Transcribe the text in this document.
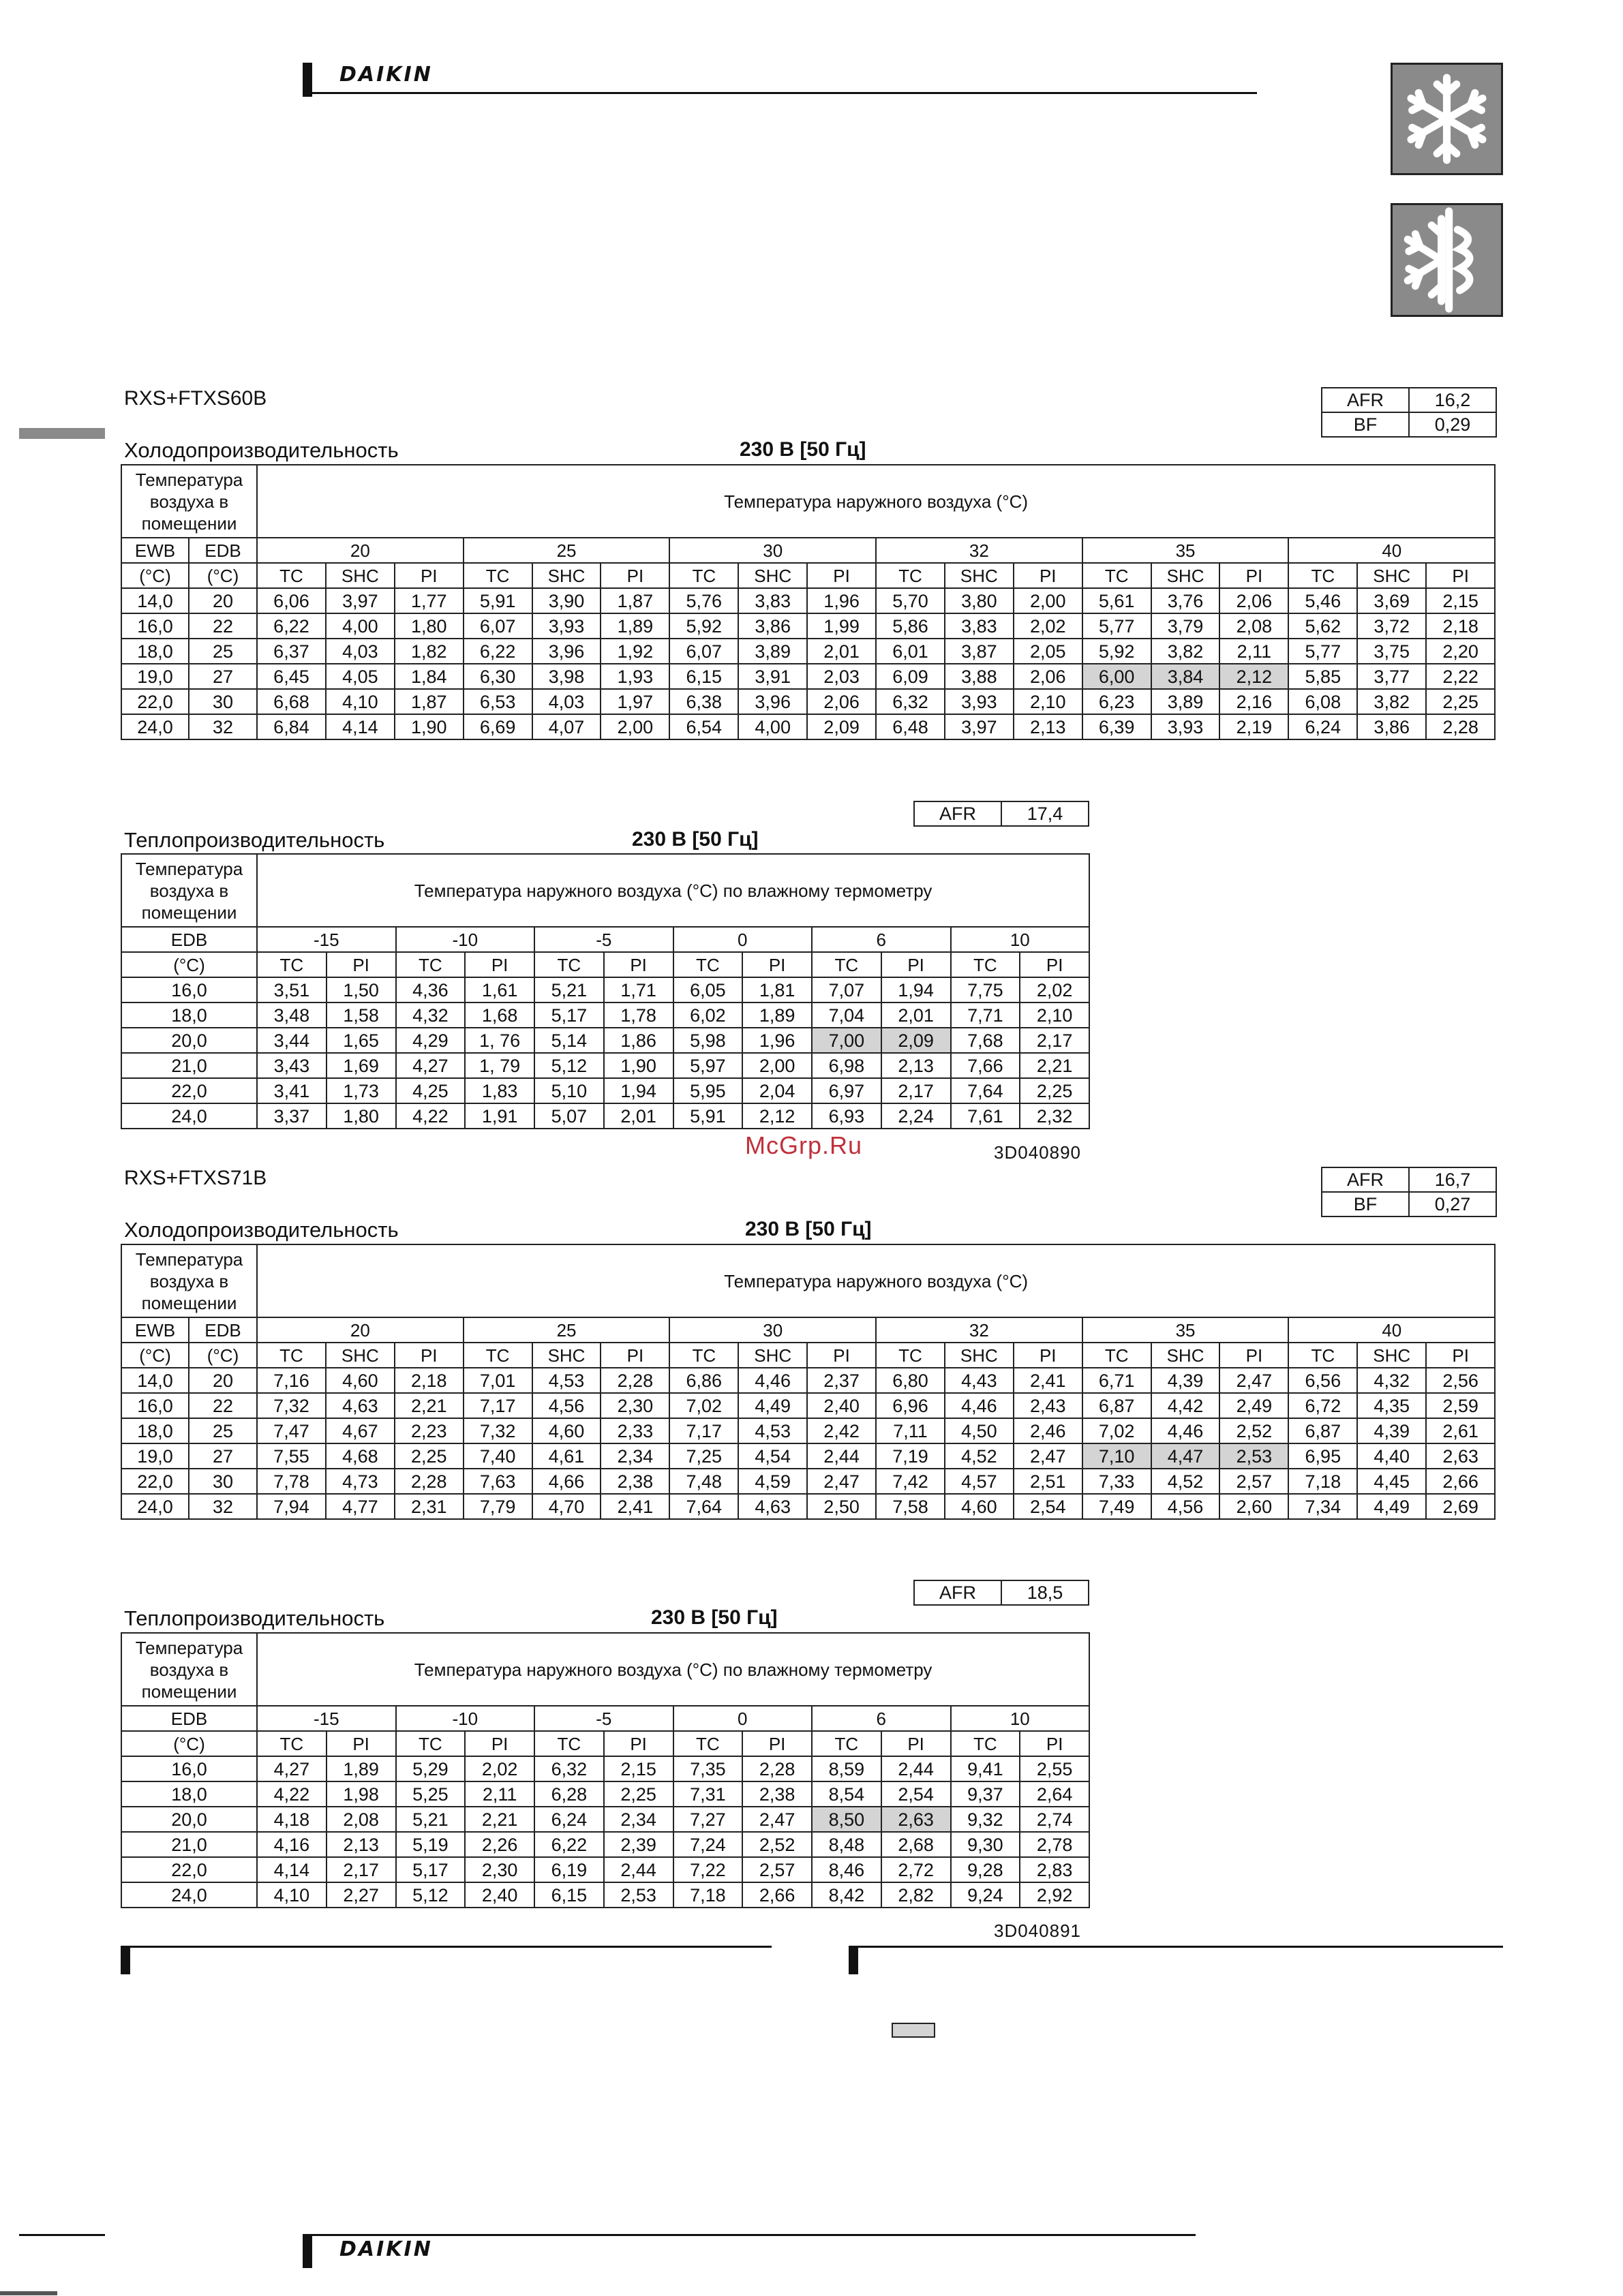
DAIKIN
RXS+FTXS60B	AFR	16,2
BF	0,29
Холодопроизводительность	230 В [50 Гц]
Температура воздуха в помещении		Температура наружного воздуха (°C)																	
EWB	EDB	20			25			30			32			35			40		
(°C)	(°C)	TC	SHC	PI	TC	SHC	PI	TC	SHC	PI	TC	SHC	PI	TC	SHC	PI	TC	SHC	PI
14,0	20	6,06	3,97	1,77	5,91	3,90	1,87	5,76	3,83	1,96	5,70	3,80	2,00	5,61	3,76	2,06	5,46	3,69	2,15
16,0	22	6,22	4,00	1,80	6,07	3,93	1,89	5,92	3,86	1,99	5,86	3,83	2,02	5,77	3,79	2,08	5,62	3,72	2,18
18,0	25	6,37	4,03	1,82	6,22	3,96	1,92	6,07	3,89	2,01	6,01	3,87	2,05	5,92	3,82	2,11	5,77	3,75	2,20
19,0	27	6,45	4,05	1,84	6,30	3,98	1,93	6,15	3,91	2,03	6,09	3,88	2,06	6,00	3,84	2,12	5,85	3,77	2,22
22,0	30	6,68	4,10	1,87	6,53	4,03	1,97	6,38	3,96	2,06	6,32	3,93	2,10	6,23	3,89	2,16	6,08	3,82	2,25
24,0	32	6,84	4,14	1,90	6,69	4,07	2,00	6,54	4,00	2,09	6,48	3,97	2,13	6,39	3,93	2,19	6,24	3,86	2,28
AFR	17,4
Теплопроизводительность	230 В [50 Гц]
Температура воздуха в помещении	Температура наружного воздуха (°C) по влажному термометру											
EDB	-15		-10		-5		0		6		10	
(°C)	TC	PI	TC	PI	TC	PI	TC	PI	TC	PI	TC	PI
16,0	3,51	1,50	4,36	1,61	5,21	1,71	6,05	1,81	7,07	1,94	7,75	2,02
18,0	3,48	1,58	4,32	1,68	5,17	1,78	6,02	1,89	7,04	2,01	7,71	2,10
20,0	3,44	1,65	4,29	1, 76	5,14	1,86	5,98	1,96	7,00	2,09	7,68	2,17
21,0	3,43	1,69	4,27	1, 79	5,12	1,90	5,97	2,00	6,98	2,13	7,66	2,21
22,0	3,41	1,73	4,25	1,83	5,10	1,94	5,95	2,04	6,97	2,17	7,64	2,25
24,0	3,37	1,80	4,22	1,91	5,07	2,01	5,91	2,12	6,93	2,24	7,61	2,32
3D040890
McGrp.Ru
RXS+FTXS71B	AFR	16,7
BF	0,27
Холодопроизводительность	230 В [50 Гц]
Температура воздуха в помещении		Температура наружного воздуха (°C)																	
EWB	EDB	20			25			30			32			35			40		
(°C)	(°C)	TC	SHC	PI	TC	SHC	PI	TC	SHC	PI	TC	SHC	PI	TC	SHC	PI	TC	SHC	PI
14,0	20	7,16	4,60	2,18	7,01	4,53	2,28	6,86	4,46	2,37	6,80	4,43	2,41	6,71	4,39	2,47	6,56	4,32	2,56
16,0	22	7,32	4,63	2,21	7,17	4,56	2,30	7,02	4,49	2,40	6,96	4,46	2,43	6,87	4,42	2,49	6,72	4,35	2,59
18,0	25	7,47	4,67	2,23	7,32	4,60	2,33	7,17	4,53	2,42	7,11	4,50	2,46	7,02	4,46	2,52	6,87	4,39	2,61
19,0	27	7,55	4,68	2,25	7,40	4,61	2,34	7,25	4,54	2,44	7,19	4,52	2,47	7,10	4,47	2,53	6,95	4,40	2,63
22,0	30	7,78	4,73	2,28	7,63	4,66	2,38	7,48	4,59	2,47	7,42	4,57	2,51	7,33	4,52	2,57	7,18	4,45	2,66
24,0	32	7,94	4,77	2,31	7,79	4,70	2,41	7,64	4,63	2,50	7,58	4,60	2,54	7,49	4,56	2,60	7,34	4,49	2,69
AFR	18,5
Теплопроизводительность	230 В [50 Гц]
Температура воздуха в помещении	Температура наружного воздуха (°C) по влажному термометру											
EDB	-15		-10		-5		0		6		10	
(°C)	TC	PI	TC	PI	TC	PI	TC	PI	TC	PI	TC	PI
16,0	4,27	1,89	5,29	2,02	6,32	2,15	7,35	2,28	8,59	2,44	9,41	2,55
18,0	4,22	1,98	5,25	2,11	6,28	2,25	7,31	2,38	8,54	2,54	9,37	2,64
20,0	4,18	2,08	5,21	2,21	6,24	2,34	7,27	2,47	8,50	2,63	9,32	2,74
21,0	4,16	2,13	5,19	2,26	6,22	2,39	7,24	2,52	8,48	2,68	9,30	2,78
22,0	4,14	2,17	5,17	2,30	6,19	2,44	7,22	2,57	8,46	2,72	9,28	2,83
24,0	4,10	2,27	5,12	2,40	6,15	2,53	7,18	2,66	8,42	2,82	9,24	2,92
3D040891
DAIKIN
